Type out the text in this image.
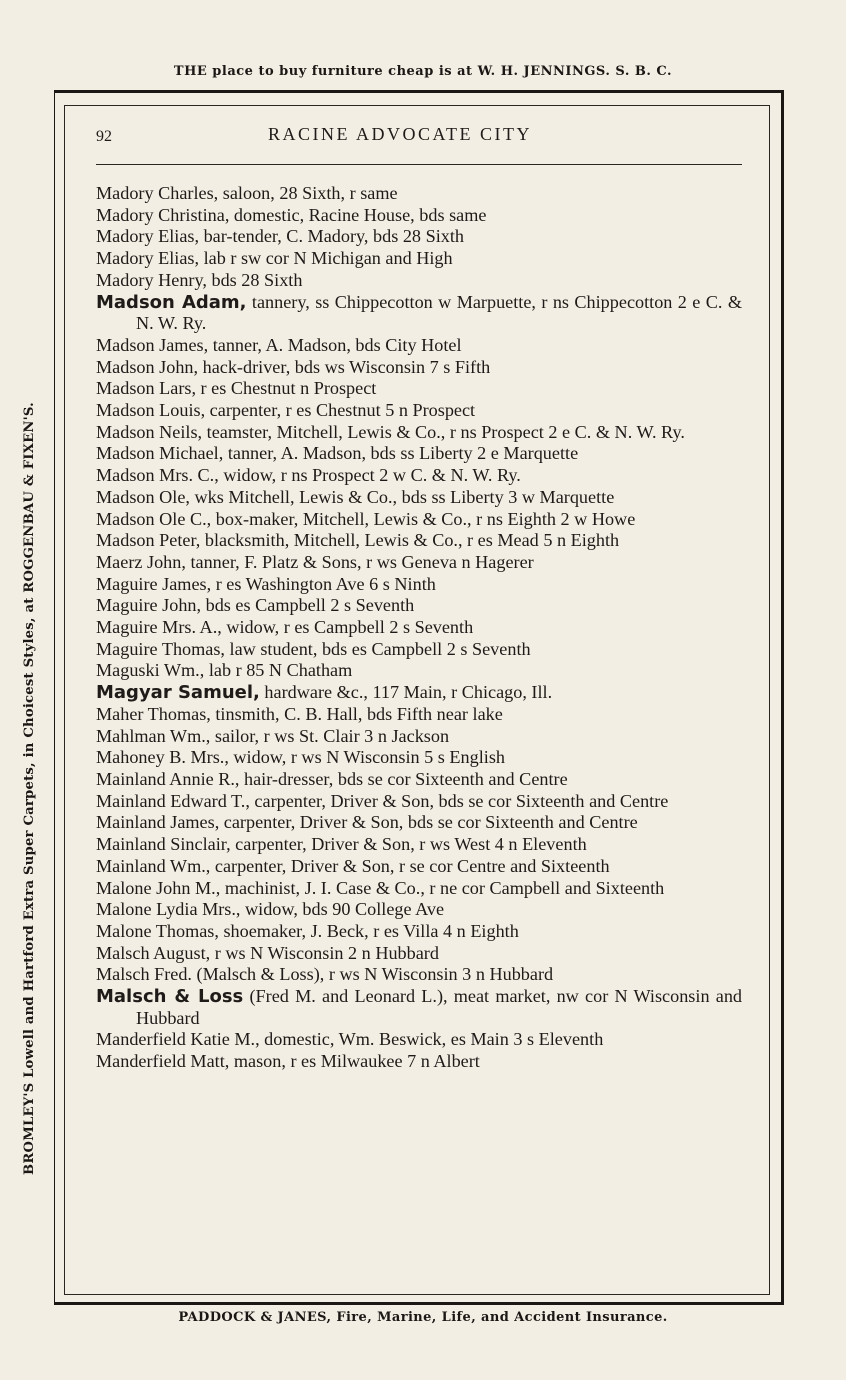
THE place to buy furniture cheap is at W. H. JENNINGS. S. B. C.
BROMLEY'S Lowell and Hartford Extra Super Carpets, in Choicest Styles, at ROGGENBAU & FIXEN'S.
92	RACINE ADVOCATE CITY

Madory Charles, saloon, 28 Sixth, r same

Madory Christina, domestic, Racine House, bds same

Madory Elias, bar-tender, C. Madory, bds 28 Sixth

Madory Elias, lab r sw cor N Michigan and High

Madory Henry, bds 28 Sixth

Madson Adam, tannery, ss Chippecotton w Marpuette, r ns Chippecotton 2 e C. & N. W. Ry.

Madson James, tanner, A. Madson, bds City Hotel

Madson John, hack-driver, bds ws Wisconsin 7 s Fifth

Madson Lars, r es Chestnut n Prospect

Madson Louis, carpenter, r es Chestnut 5 n Prospect

Madson Neils, teamster, Mitchell, Lewis & Co., r ns Prospect 2 e C. & N. W. Ry.

Madson Michael, tanner, A. Madson, bds ss Liberty 2 e Marquette

Madson Mrs. C., widow, r ns Prospect 2 w C. & N. W. Ry.

Madson Ole, wks Mitchell, Lewis & Co., bds ss Liberty 3 w Marquette

Madson Ole C., box-maker, Mitchell, Lewis & Co., r ns Eighth 2 w Howe

Madson Peter, blacksmith, Mitchell, Lewis & Co., r es Mead 5 n Eighth

Maerz John, tanner, F. Platz & Sons, r ws Geneva n Hagerer

Maguire James, r es Washington Ave 6 s Ninth

Maguire John, bds es Campbell 2 s Seventh

Maguire Mrs. A., widow, r es Campbell 2 s Seventh

Maguire Thomas, law student, bds es Campbell 2 s Seventh

Maguski Wm., lab r 85 N Chatham

Magyar Samuel, hardware &c., 117 Main, r Chicago, Ill.

Maher Thomas, tinsmith, C. B. Hall, bds Fifth near lake

Mahlman Wm., sailor, r ws St. Clair 3 n Jackson

Mahoney B. Mrs., widow, r ws N Wisconsin 5 s English

Mainland Annie R., hair-dresser, bds se cor Sixteenth and Centre

Mainland Edward T., carpenter, Driver & Son, bds se cor Sixteenth and Centre

Mainland James, carpenter, Driver & Son, bds se cor Sixteenth and Centre

Mainland Sinclair, carpenter, Driver & Son, r ws West 4 n Eleventh

Mainland Wm., carpenter, Driver & Son, r se cor Centre and Sixteenth

Malone John M., machinist, J. I. Case & Co., r ne cor Campbell and Sixteenth

Malone Lydia Mrs., widow, bds 90 College Ave

Malone Thomas, shoemaker, J. Beck, r es Villa 4 n Eighth

Malsch August, r ws N Wisconsin 2 n Hubbard

Malsch Fred. (Malsch & Loss), r ws N Wisconsin 3 n Hubbard

Malsch & Loss (Fred M. and Leonard L.), meat market, nw cor N Wisconsin and Hubbard

Manderfield Katie M., domestic, Wm. Beswick, es Main 3 s Eleventh

Manderfield Matt, mason, r es Milwaukee 7 n Albert

PADDOCK & JANES, Fire, Marine, Life, and Accident Insurance.
